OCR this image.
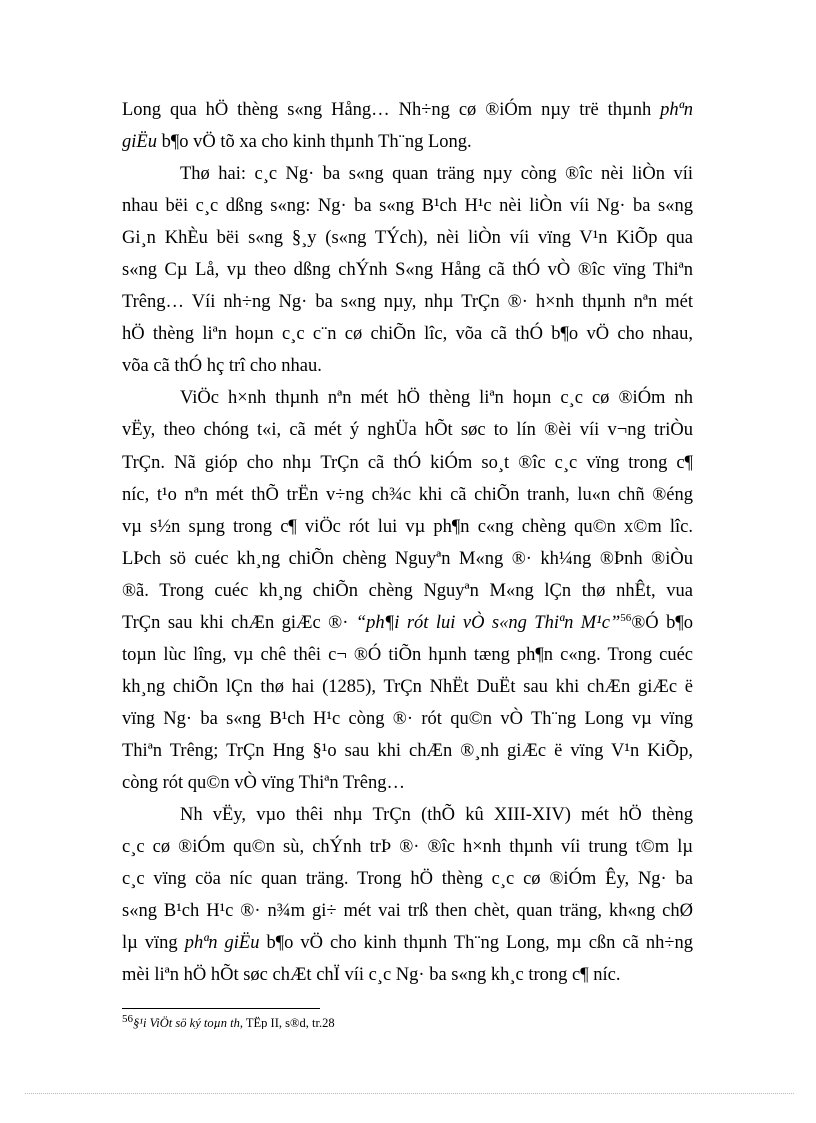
Long qua hÖ thèng s«ng Hång… Nh÷ng cø ®iÓm nµy trë thµnh phªn
giËu b¶o vÖ tõ xa cho kinh thµnh Th¨ng Long.
Thø hai: c¸c Ng· ba s«ng quan träng nµy còng ®îc nèi liÒn víi
nhau bëi c¸c dßng s«ng: Ng· ba s«ng B¹ch H¹c nèi liÒn víi Ng· ba s«ng
Gi¸n KhÈu bëi s«ng §¸y (s«ng TÝch), nèi liÒn víi vïng V¹n KiÕp qua
s«ng Cµ Lå, vµ theo dßng chÝnh S«ng Hång cã thÓ vÒ ®îc vïng Thiªn
Trêng… Víi nh÷ng Ng· ba s«ng nµy, nhµ TrÇn ®· h×nh thµnh nªn mét
hÖ thèng liªn hoµn c¸c c¨n cø chiÕn lîc, võa cã thÓ b¶o vÖ cho nhau,
võa cã thÓ hç trî cho nhau.
ViÖc h×nh thµnh nªn mét hÖ thèng liªn hoµn c¸c cø ®iÓm nh
vËy, theo chóng t«i, cã mét ý nghÜa hÕt søc to lín ®èi víi v¬ng triÒu
TrÇn. Nã gióp cho nhµ TrÇn cã thÓ kiÓm so¸t ®îc c¸c vïng trong c¶
níc, t¹o nªn mét thÕ trËn v÷ng ch¾c khi cã chiÕn tranh, lu«n chñ ®éng
vµ s½n sµng trong c¶ viÖc rót lui vµ ph¶n c«ng chèng qu©n x©m lîc.
LÞch sö cuéc kh¸ng chiÕn chèng Nguyªn M«ng ®· kh¼ng ®Þnh ®iÒu
®ã. Trong cuéc kh¸ng chiÕn chèng Nguyªn M«ng lÇn thø nhÊt, vua
TrÇn sau khi chÆn giÆc ®· “ph¶i rót lui vÒ s«ng Thiªn M¹c”$^{56}$®Ó b¶o
toµn lùc lîng, vµ chê thêi c¬ ®Ó tiÕn hµnh tæng ph¶n c«ng. Trong cuéc
kh¸ng chiÕn lÇn thø hai (1285), TrÇn NhËt DuËt sau khi chÆn giÆc ë
vïng Ng· ba s«ng B¹ch H¹c còng ®· rót qu©n vÒ Th¨ng Long vµ vïng
Thiªn Trêng; TrÇn Hng §¹o sau khi chÆn ®¸nh giÆc ë vïng V¹n KiÕp,
còng rót qu©n vÒ vïng Thiªn Trêng…
Nh vËy, vµo thêi nhµ TrÇn (thÕ kû XIII-XIV) mét hÖ thèng
c¸c cø ®iÓm qu©n sù, chÝnh trÞ ®· ®îc h×nh thµnh víi trung t©m lµ
c¸c vïng cöa níc quan träng. Trong hÖ thèng c¸c cø ®iÓm Êy, Ng· ba
s«ng B¹ch H¹c ®· n¾m gi÷ mét vai trß then chèt, quan träng, kh«ng chØ
lµ vïng phªn giËu b¶o vÖ cho kinh thµnh Th¨ng Long, mµ cßn cã nh÷ng
mèi liªn hÖ hÕt søc chÆt chÏ víi c¸c Ng· ba s«ng kh¸c trong c¶ níc.
$^{56}$§¹i ViÖt sö ký toµn th, TËp II, s®d, tr.28
